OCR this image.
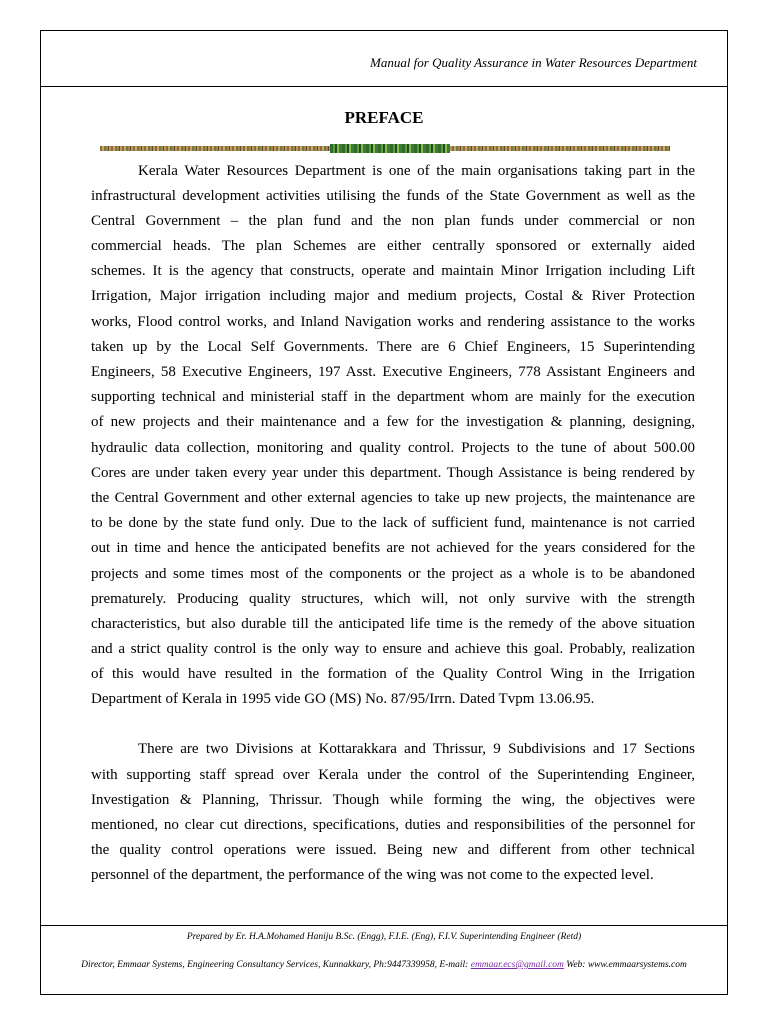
Manual for Quality Assurance in Water Resources Department
PREFACE
Kerala Water Resources Department is one of the main organisations taking part in the
infrastructural development activities utilising the funds of the State Government as well as the
Central Government – the plan fund and the non plan funds under commercial or non
commercial heads. The plan Schemes are either centrally sponsored or externally aided
schemes. It is the agency that constructs, operate and maintain Minor Irrigation including Lift
Irrigation, Major irrigation including major and medium projects, Costal & River Protection
works, Flood control works, and Inland Navigation works and rendering assistance to the works
taken up by the Local Self Governments. There are 6 Chief Engineers, 15 Superintending
Engineers, 58 Executive Engineers, 197 Asst. Executive Engineers, 778 Assistant Engineers and
supporting technical and ministerial staff in the department whom are mainly for the execution
of new projects and their maintenance and a few for the investigation & planning, designing,
hydraulic data collection, monitoring and quality control. Projects to the tune of about 500.00
Cores are under taken every year under this department. Though Assistance is being rendered by
the Central Government and other external agencies to take up new projects, the maintenance are
to be done by the state fund only. Due to the lack of sufficient fund, maintenance is not carried
out in time and hence the anticipated benefits are not achieved for the years considered for the
projects and some times most of the components or the project as a whole is to be abandoned
prematurely. Producing quality structures, which will, not only survive with the strength
characteristics, but also durable till the anticipated life time is the remedy of the above situation
and a strict quality control is the only way to ensure and achieve this goal. Probably, realization
of this would have resulted in the formation of the Quality Control Wing in the Irrigation
Department of Kerala in 1995 vide GO (MS) No. 87/95/Irrn. Dated Tvpm 13.06.95.
There are two Divisions at Kottarakkara and Thrissur, 9 Subdivisions and 17 Sections
with supporting staff spread over Kerala under the control of the Superintending Engineer,
Investigation & Planning, Thrissur. Though while forming the wing, the objectives were
mentioned, no clear cut directions, specifications, duties and responsibilities of the personnel for
the quality control operations were issued. Being new and different from other technical
personnel of the department, the performance of the wing was not come to the expected level.
Prepared by Er. H.A.Mohamed Haniju B.Sc. (Engg), F.I.E. (Eng), F.I.V. Superintending Engineer (Retd)
Director, Emmaar Systems, Engineering Consultancy Services, Kunnakkary, Ph:9447339958, E-mail: emmaar.ecs@gmail.com Web: www.emmaarsystems.com
